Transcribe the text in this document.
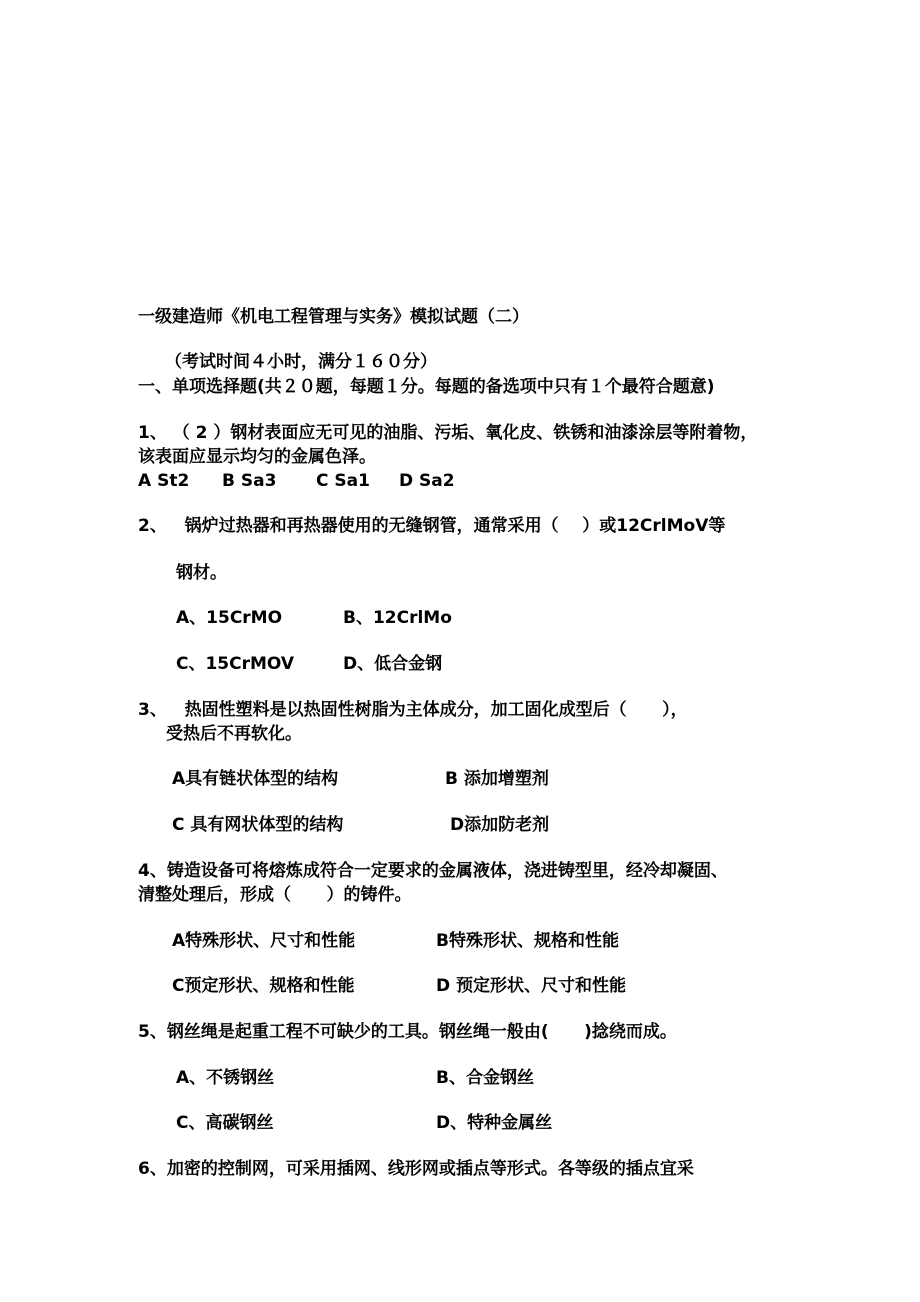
一级建造师《机电工程管理与实务》模拟试题（二）
（考试时间４小时，满分１６０分）
一、单项选择题(共２０题，每题１分。每题的备选项中只有１个最符合题意)
1、 （ 2 ）钢材表面应无可见的油脂、污垢、氧化皮、铁锈和油漆涂层等附着物，
该表面应显示均匀的金属色泽。
A St2 B Sa3 C Sa1 D Sa2
2、   锅炉过热器和再热器使用的无缝钢管，通常采用（    ）或12CrlMoV等
钢材。
A、15CrMO	B、12CrlMo
C、15CrMOV	D、低合金钢
3、   热固性塑料是以热固性树脂为主体成分，加工固化成型后（      ），
受热后不再软化。
A具有链状体型的结构	B 添加增塑剂
C 具有网状体型的结构	D添加防老剂
4、铸造设备可将熔炼成符合一定要求的金属液体，浇进铸型里，经冷却凝固、
清整处理后，形成（      ）的铸件。
A特殊形状、尺寸和性能	B特殊形状、规格和性能
C预定形状、规格和性能	D 预定形状、尺寸和性能
5、钢丝绳是起重工程不可缺少的工具。钢丝绳一般由(      )捻绕而成。
A、不锈钢丝	B、合金钢丝
C、高碳钢丝	D、特种金属丝
6、加密的控制网，可采用插网、线形网或插点等形式。各等级的插点宜采
